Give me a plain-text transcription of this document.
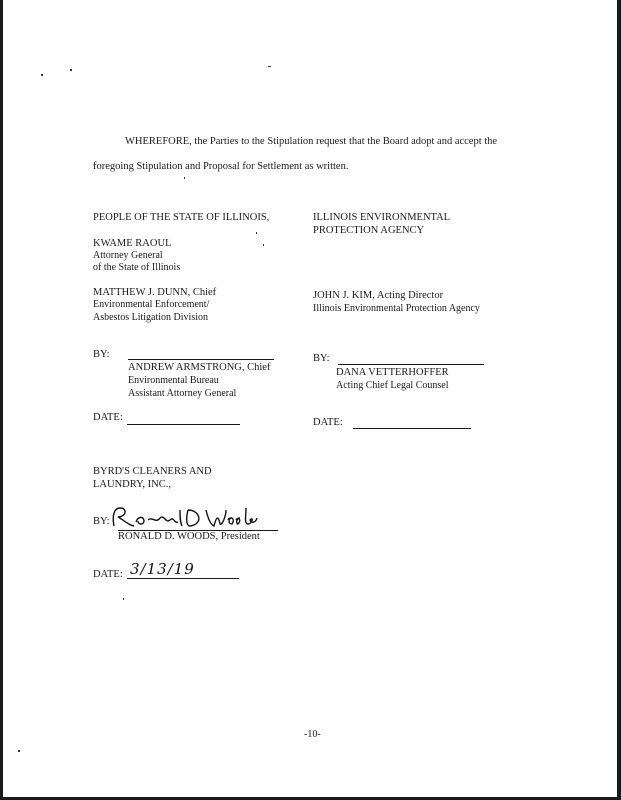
WHEREFORE, the Parties to the Stipulation request that the Board adopt and accept the
foregoing Stipulation and Proposal for Settlement as written.
PEOPLE OF THE STATE OF ILLINOIS,
KWAME RAOUL
Attorney General
of the State of Illinois
MATTHEW J. DUNN, Chief
Environmental Enforcement/
Asbestos Litigation Division
BY:
ANDREW ARMSTRONG, Chief
Environmental Bureau
Assistant Attorney General
DATE:
ILLINOIS ENVIRONMENTAL
PROTECTION AGENCY
JOHN J. KIM, Acting Director
Illinois Environmental Protection Agency
BY:
DANA VETTERHOFFER
Acting Chief Legal Counsel
DATE:
BYRD'S CLEANERS AND
LAUNDRY, INC.,
BY:
RONALD D. WOODS, President
DATE: 3/13/19
-10-
